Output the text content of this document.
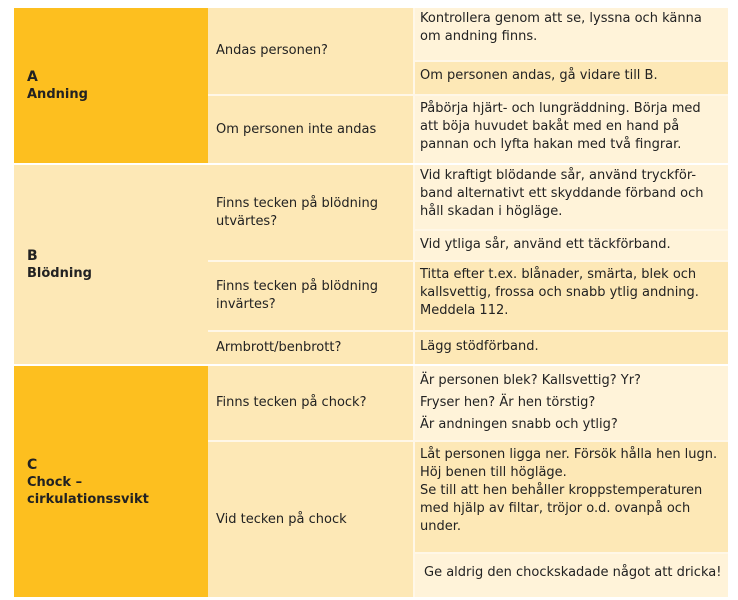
A
Andning
Andas personen?
Kontrollera genom att se, lyssna och känna
om andning finns.
Om personen andas, gå vidare till B.
Om personen inte andas
Påbörja hjärt- och lungräddning. Börja med
att böja huvudet bakåt med en hand på
pannan och lyfta hakan med två fingrar.
B
Blödning
Finns tecken på blödning
utvärtes?
Vid kraftigt blödande sår, använd tryckför-
band alternativt ett skyddande förband och
håll skadan i högläge.
Vid ytliga sår, använd ett täckförband.
Finns tecken på blödning
invärtes?
Titta efter t.ex. blånader, smärta, blek och
kallsvettig, frossa och snabb ytlig andning.
Meddela 112.
Armbrott/benbrott?	Lägg stödförband.
C
Chock – cirkulationssvikt
Finns tecken på chock?
Är personen blek? Kallsvettig? Yr?
Fryser hen? Är hen törstig?
Är andningen snabb och ytlig?
Vid tecken på chock
Låt personen ligga ner. Försök hålla hen lugn.
Höj benen till högläge.
Se till att hen behåller kroppstemperaturen
med hjälp av filtar, tröjor o.d. ovanpå och
under.
Ge aldrig den chockskadade något att dricka!
